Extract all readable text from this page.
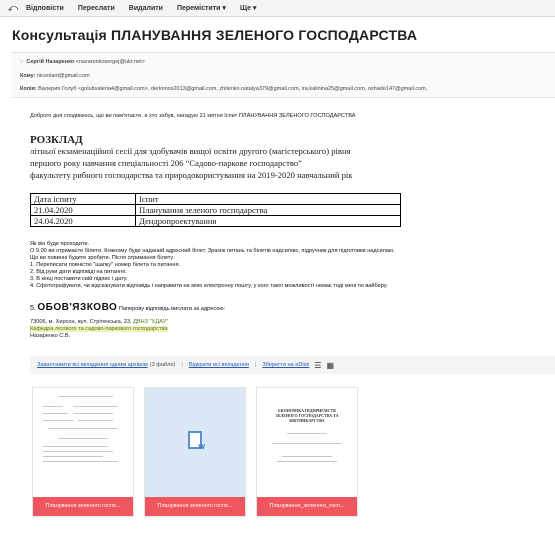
⤺	Відповісти Переслати Видалити Перемістити ▾ Ще ▾
Консультація ПЛАНУВАННЯ ЗЕЛЕНОГО ГОСПОДАРСТВА
○ Сергій Назаренко <nazarenkosergej@ukr.net>
Кому: nicoolant@gmail.com
Копія: Валерия Голуб <golubvaleria4@gmail.com>, derkonos2013@gmail.com, zhilenko.natalya379@gmail.com, ira.kalinina25@gmail.com, oshade147@gmail.com,
Доброго дня сподіваюсь, що ви пам'ятаєте, а хто забув, нагадую 21 квітня Іспит ПЛАНУВАННЯ ЗЕЛЕНОГО ГОСПОДАРСТВА
РОЗКЛАД
літньої екзаменаційної сесії для здобувачів вищої освіти другого (магістерського) рівня
першого року навчання спеціальності 206 “Садово-паркове господарство”
факультету рибного господарства та природокористування на 2019-2020 навчальний рік
Дата іспиту	Іспит
21.04.2020	Планування зеленого господарства
24.04.2020	Дендропроектування
Як він буде проходити.
О 9.00 ви отримаєте білети. Кожному буде наданий адресний білет. Зразок питань та білетів надсилаю, підручник для підготовки надсилаю.
Що ви повинні будете зробити. Після отримання білету:
1. Переписати повністю "шапку" номер білета та питання.
2. Від руки дати відповіді на питання.
3. В кінці поставити свій підпис і дату.
4. Сфотографувати, чи відсканувати відповідь і направити на мою електронну пошту, у кого такої можливості немає тоді мені по вайберу.
5. ОБОВ'ЯЗКОВО Паперову відповідь вислати за адресою:
73006, м. Херсон, вул. Стрітенська, 23, ДВНЗ "ХДАУ"
Кафедра лісового та садово-паркового господарства
Назаренко С.В.
Завантажити всі вкладення одним архівом (3 файли) | Відкрити всі вкладення | Зберегти на eDisk ☰ ▦
Планування зеленого госпо...
W
Планування зеленого госпо...
ЕКОНОМІКА ПІДПРИЄМСТВ ЗЕЛЕНОГО ГОСПОДАРСТВА ТА КВІТНИКАРСТВА
Планування_зеленого_госп...
